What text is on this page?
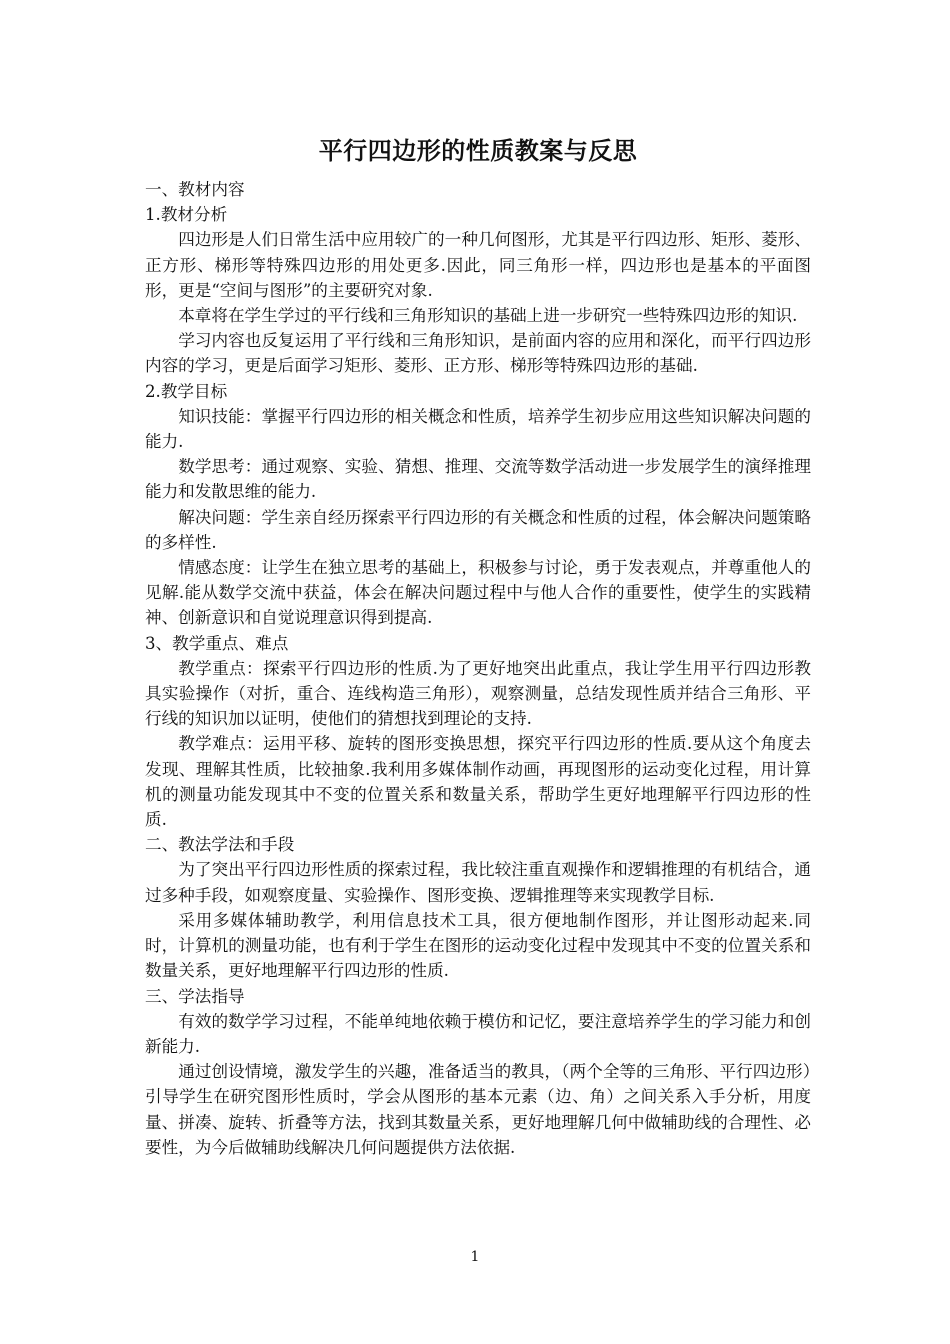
平行四边形的性质教案与反思
一、教材内容
1.教材分析
四边形是人们日常生活中应用较广的一种几何图形，尤其是平行四边形、矩形、菱形、正方形、梯形等特殊四边形的用处更多.因此，同三角形一样，四边形也是基本的平面图形，更是“空间与图形”的主要研究对象.
本章将在学生学过的平行线和三角形知识的基础上进一步研究一些特殊四边形的知识.
学习内容也反复运用了平行线和三角形知识，是前面内容的应用和深化，而平行四边形内容的学习，更是后面学习矩形、菱形、正方形、梯形等特殊四边形的基础.
2.教学目标
知识技能：掌握平行四边形的相关概念和性质，培养学生初步应用这些知识解决问题的能力.
数学思考：通过观察、实验、猜想、推理、交流等数学活动进一步发展学生的演绎推理能力和发散思维的能力.
解决问题：学生亲自经历探索平行四边形的有关概念和性质的过程，体会解决问题策略的多样性.
情感态度：让学生在独立思考的基础上，积极参与讨论，勇于发表观点，并尊重他人的见解.能从数学交流中获益，体会在解决问题过程中与他人合作的重要性，使学生的实践精神、创新意识和自觉说理意识得到提高.
3、教学重点、难点
教学重点：探索平行四边形的性质.为了更好地突出此重点，我让学生用平行四边形教具实验操作（对折，重合、连线构造三角形），观察测量，总结发现性质并结合三角形、平行线的知识加以证明，使他们的猜想找到理论的支持.
教学难点：运用平移、旋转的图形变换思想，探究平行四边形的性质.要从这个角度去发现、理解其性质，比较抽象.我利用多媒体制作动画，再现图形的运动变化过程，用计算机的测量功能发现其中不变的位置关系和数量关系，帮助学生更好地理解平行四边形的性质.
二、教法学法和手段
为了突出平行四边形性质的探索过程，我比较注重直观操作和逻辑推理的有机结合，通过多种手段，如观察度量、实验操作、图形变换、逻辑推理等来实现教学目标.
采用多媒体辅助教学，利用信息技术工具，很方便地制作图形，并让图形动起来.同时，计算机的测量功能，也有利于学生在图形的运动变化过程中发现其中不变的位置关系和数量关系，更好地理解平行四边形的性质.
三、学法指导
有效的数学学习过程，不能单纯地依赖于模仿和记忆，要注意培养学生的学习能力和创新能力.
通过创设情境，激发学生的兴趣，准备适当的教具，（两个全等的三角形、平行四边形）引导学生在研究图形性质时，学会从图形的基本元素（边、角）之间关系入手分析，用度量、拼凑、旋转、折叠等方法，找到其数量关系，更好地理解几何中做辅助线的合理性、必要性，为今后做辅助线解决几何问题提供方法依据.
1
